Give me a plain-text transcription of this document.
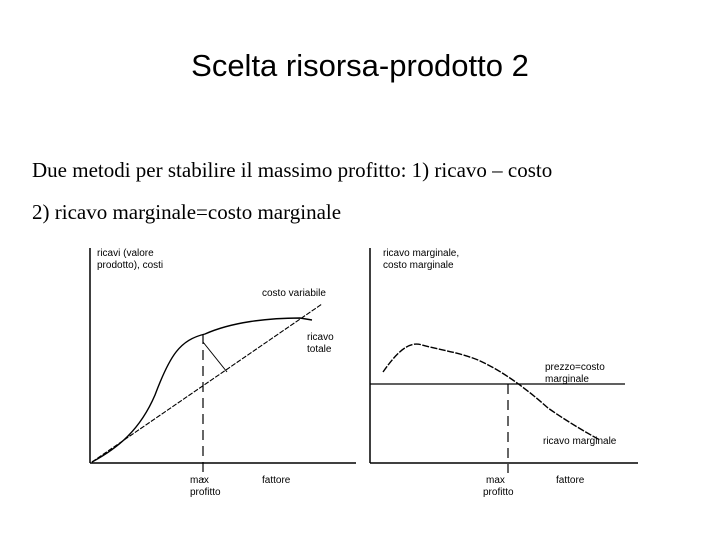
Scelta risorsa-prodotto 2
Due metodi per stabilire il massimo profitto: 1) ricavo – costo
2) ricavo marginale=costo marginale
ricavi (valore
prodotto), costi
costo variabile
ricavo
totale
max
profitto
fattore
ricavo marginale,
costo marginale
prezzo=costo
marginale
ricavo marginale
max
profitto
fattore
